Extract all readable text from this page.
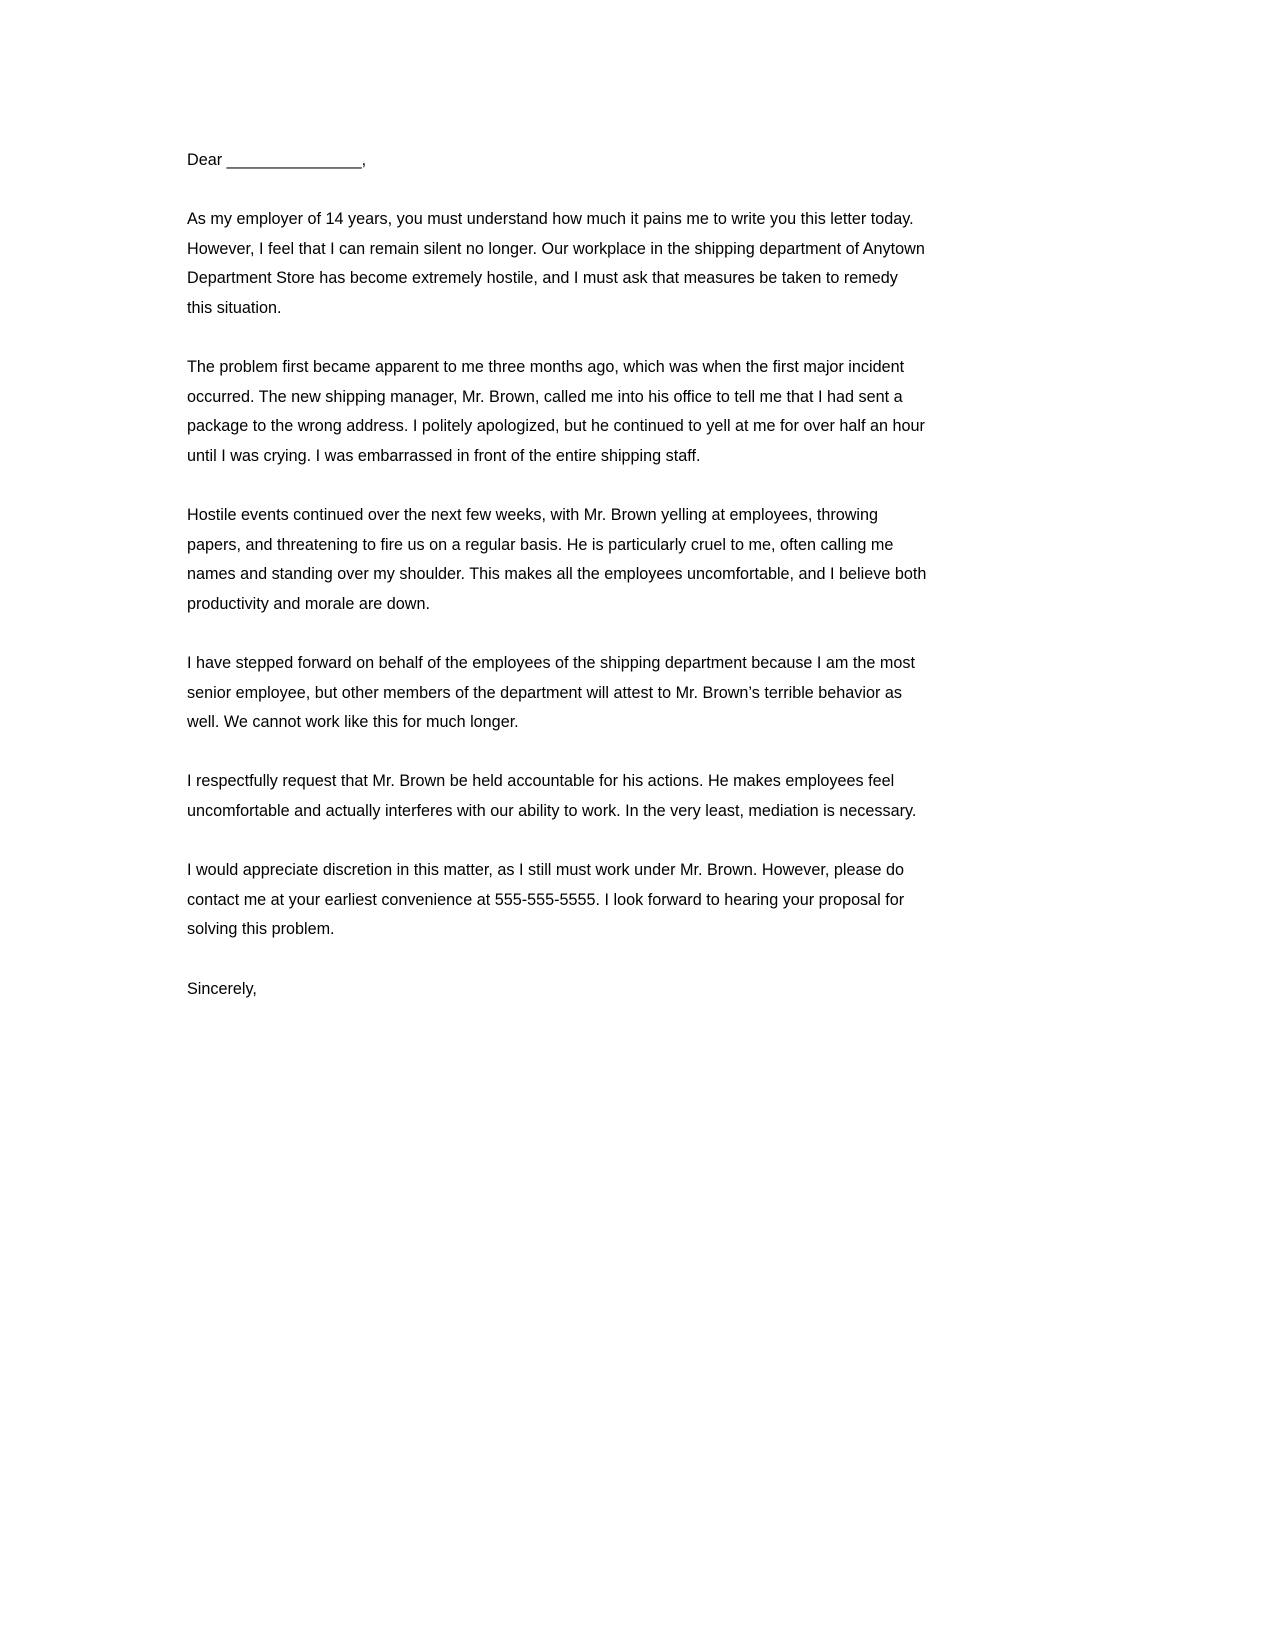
Dear _______________,

As my employer of 14 years, you must understand how much it pains me to write you this letter today. However, I feel that I can remain silent no longer. Our workplace in the shipping department of Anytown Department Store has become extremely hostile, and I must ask that measures be taken to remedy this situation.

The problem first became apparent to me three months ago, which was when the first major incident occurred. The new shipping manager, Mr. Brown, called me into his office to tell me that I had sent a package to the wrong address. I politely apologized, but he continued to yell at me for over half an hour until I was crying. I was embarrassed in front of the entire shipping staff.

Hostile events continued over the next few weeks, with Mr. Brown yelling at employees, throwing papers, and threatening to fire us on a regular basis. He is particularly cruel to me, often calling me names and standing over my shoulder. This makes all the employees uncomfortable, and I believe both productivity and morale are down.

I have stepped forward on behalf of the employees of the shipping department because I am the most senior employee, but other members of the department will attest to Mr. Brown’s terrible behavior as well. We cannot work like this for much longer.

I respectfully request that Mr. Brown be held accountable for his actions. He makes employees feel uncomfortable and actually interferes with our ability to work. In the very least, mediation is necessary.

I would appreciate discretion in this matter, as I still must work under Mr. Brown. However, please do contact me at your earliest convenience at 555-555-5555. I look forward to hearing your proposal for solving this problem.

Sincerely,
